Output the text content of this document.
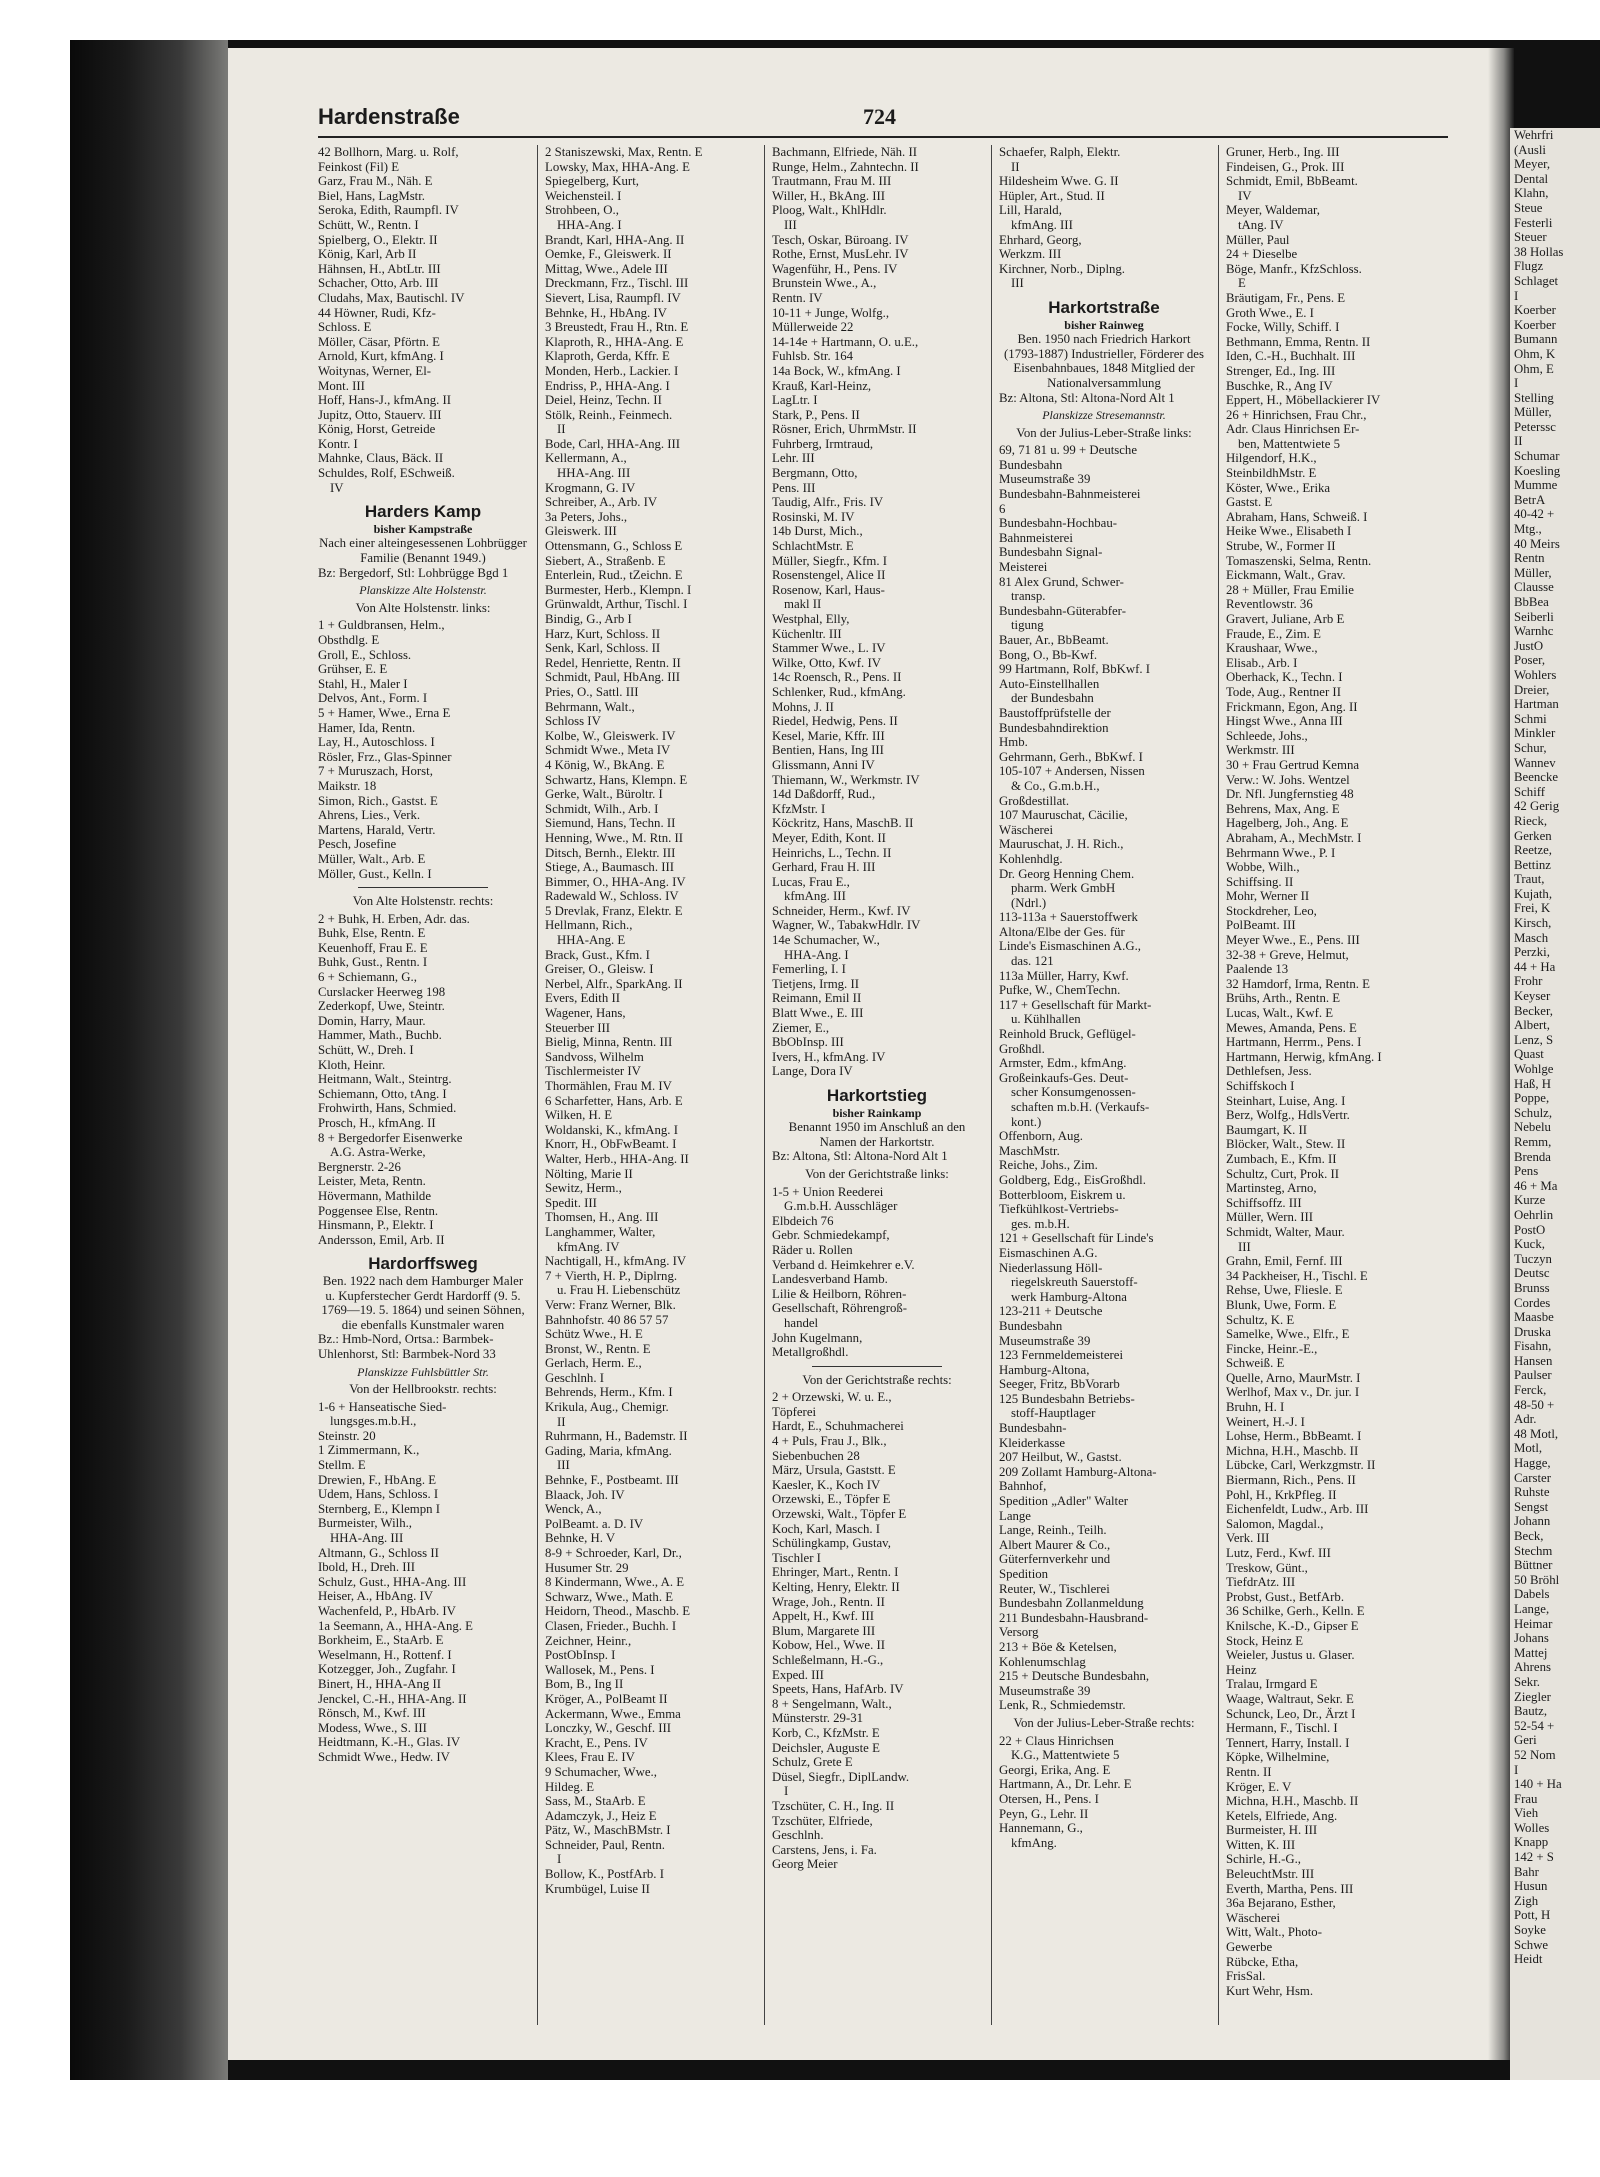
Wehrfri
(Ausli
Meyer,
Dental
Klahn,
Steue
Festerli
Steuer
38 Hollas
Flugz
Schlaget
I
Koerber
Koerber
Bumann
Ohm, K
Ohm, E
I
Stelling
Müller,
Peterssc
II
Schumar
Koesling
Mumme
BetrA
40-42 +
Mtg.,
40 Meirs
Rentn
Müller,
Clausse
BbBea
Seiberli
Warnhc
JustO
Poser,
Wohlers
Dreier,
Hartman
Schmi
Minkler
Schur,
Wannev
Beencke
Schiff
42 Gerig
Rieck,
Gerken
Reetze,
Bettinz
Traut,
Kujath,
Frei, K
Kirsch,
Masch
Perzki,
44 + Ha
Frohr
Keyser
Becker,
Albert,
Lenz, S
Quast
Wohlge
Haß, H
Poppe,
Schulz,
Nebelu
Remm,
Brenda
Pens
46 + Ma
Kurze
Oehrlin
PostO
Kuck,
Tuczyn
Deutsc
Brunss
Cordes
Maasbe
Druska
Fisahn,
Hansen
Paulser
Ferck,
48-50 +
Adr.
48 Motl,
Motl,
Hagge,
Carster
Ruhste
Sengst
Johann
Beck,
Stechm
Büttner
50 Bröhl
Dabels
Lange,
Heimar
Johans
Mattej
Ahrens
Sekr.
Ziegler
Bautz,
52-54 +
Geri
52 Nom
I
140 + Ha
Frau
Vieh
Wolles
Knapp
142 + S
Bahr
Husun
Zigh
Pott, H
Soyke
Schwe
Heidt
Hardenstraße	724
42 Bollhorn, Marg. u. Rolf,
Feinkost (Fil) E
Garz, Frau M., Näh. E
Biel, Hans, LagMstr.
Seroka, Edith, Raumpfl. IV
Schütt, W., Rentn. I
Spielberg, O., Elektr. II
König, Karl, Arb II
Hähnsen, H., AbtLtr. III
Schacher, Otto, Arb. III
Cludahs, Max, Bautischl. IV
44 Höwner, Rudi, Kfz-
Schloss. E
Möller, Cäsar, Pförtn. E
Arnold, Kurt, kfmAng. I
Woitynas, Werner, El-
Mont. III
Hoff, Hans-J., kfmAng. II
Jupitz, Otto, Stauerv. III
König, Horst, Getreide
Kontr. I
Mahnke, Claus, Bäck. II
Schuldes, Rolf, ESchweiß.
IV
Harders Kamp
bisher Kampstraße
Nach einer alteingesessenen Lohbrügger Familie (Benannt 1949.)
Bz: Bergedorf, Stl: Lohbrügge Bgd 1
Planskizze Alte Holstenstr.
Von Alte Holstenstr. links:
1 + Guldbransen, Helm.,
Obsthdlg. E
Groll, E., Schloss.
Grühser, E. E
Stahl, H., Maler I
Delvos, Ant., Form. I
5 + Hamer, Wwe., Erna E
Hamer, Ida, Rentn.
Lay, H., Autoschloss. I
Rösler, Frz., Glas-Spinner
7 + Muruszach, Horst,
Maikstr. 18
Simon, Rich., Gastst. E
Ahrens, Lies., Verk.
Martens, Harald, Vertr.
Pesch, Josefine
Müller, Walt., Arb. E
Möller, Gust., Kelln. I
Von Alte Holstenstr. rechts:
2 + Buhk, H. Erben, Adr. das.
Buhk, Else, Rentn. E
Keuenhoff, Frau E. E
Buhk, Gust., Rentn. I
6 + Schiemann, G.,
Curslacker Heerweg 198
Zederkopf, Uwe, Steintr.
Domin, Harry, Maur.
Hammer, Math., Buchb.
Schütt, W., Dreh. I
Kloth, Heinr.
Heitmann, Walt., Steintrg.
Schiemann, Otto, tAng. I
Frohwirth, Hans, Schmied.
Prosch, H., kfmAng. II
8 + Bergedorfer Eisenwerke
A.G. Astra-Werke,
Bergnerstr. 2-26
Leister, Meta, Rentn.
Hövermann, Mathilde
Poggensee Else, Rentn.
Hinsmann, P., Elektr. I
Andersson, Emil, Arb. II
Hardorffsweg
Ben. 1922 nach dem Hamburger Maler u. Kupferstecher Gerdt Hardorff (9. 5. 1769—19. 5. 1864) und seinen Söhnen, die ebenfalls Kunstmaler waren
Bz.: Hmb-Nord, Ortsa.: Barmbek-Uhlenhorst, Stl: Barmbek-Nord 33
Planskizze Fuhlsbüttler Str.
Von der Hellbrookstr. rechts:
1-6 + Hanseatische Sied-
lungsges.m.b.H.,
Steinstr. 20
1 Zimmermann, K.,
Stellm. E
Drewien, F., HbAng. E
Udem, Hans, Schloss. I
Sternberg, E., Klempn I
Burmeister, Wilh.,
HHA-Ang. III
Altmann, G., Schloss II
Ibold, H., Dreh. III
Schulz, Gust., HHA-Ang. III
Heiser, A., HbAng. IV
Wachenfeld, P., HbArb. IV
1a Seemann, A., HHA-Ang. E
Borkheim, E., StaArb. E
Weselmann, H., Rottenf. I
Kotzegger, Joh., Zugfahr. I
Binert, H., HHA-Ang II
Jenckel, C.-H., HHA-Ang. II
Rönsch, M., Kwf. III
Modess, Wwe., S. III
Heidtmann, K.-H., Glas. IV
Schmidt Wwe., Hedw. IV
2 Staniszewski, Max, Rentn. E
Lowsky, Max, HHA-Ang. E
Spiegelberg, Kurt,
Weichensteil. I
Strohbeen, O.,
HHA-Ang. I
Brandt, Karl, HHA-Ang. II
Oemke, F., Gleiswerk. II
Mittag, Wwe., Adele III
Dreckmann, Frz., Tischl. III
Sievert, Lisa, Raumpfl. IV
Behnke, H., HbAng. IV
3 Breustedt, Frau H., Rtn. E
Klaproth, R., HHA-Ang. E
Klaproth, Gerda, Kffr. E
Monden, Herb., Lackier. I
Endriss, P., HHA-Ang. I
Deiel, Heinz, Techn. II
Stölk, Reinh., Feinmech.
II
Bode, Carl, HHA-Ang. III
Kellermann, A.,
HHA-Ang. III
Krogmann, G. IV
Schreiber, A., Arb. IV
3a Peters, Johs.,
Gleiswerk. III
Ottensmann, G., Schloss E
Siebert, A., Straßenb. E
Enterlein, Rud., tZeichn. E
Burmester, Herb., Klempn. I
Grünwaldt, Arthur, Tischl. I
Bindig, G., Arb I
Harz, Kurt, Schloss. II
Senk, Karl, Schloss. II
Redel, Henriette, Rentn. II
Schmidt, Paul, HbAng. III
Pries, O., Sattl. III
Behrmann, Walt.,
Schloss IV
Kolbe, W., Gleiswerk. IV
Schmidt Wwe., Meta IV
4 König, W., BkAng. E
Schwartz, Hans, Klempn. E
Gerke, Walt., Büroltr. I
Schmidt, Wilh., Arb. I
Siemund, Hans, Techn. II
Henning, Wwe., M. Rtn. II
Ditsch, Bernh., Elektr. III
Stiege, A., Baumasch. III
Bimmer, O., HHA-Ang. IV
Radewald W., Schloss. IV
5 Drevlak, Franz, Elektr. E
Hellmann, Rich.,
HHA-Ang. E
Brack, Gust., Kfm. I
Greiser, O., Gleisw. I
Nerbel, Alfr., SparkAng. II
Evers, Edith II
Wagener, Hans,
Steuerber III
Bielig, Minna, Rentn. III
Sandvoss, Wilhelm
Tischlermeister IV
Thormählen, Frau M. IV
6 Scharfetter, Hans, Arb. E
Wilken, H. E
Woldanski, K., kfmAng. I
Knorr, H., ObFwBeamt. I
Walter, Herb., HHA-Ang. II
Nölting, Marie II
Sewitz, Herm.,
Spedit. III
Thomsen, H., Ang. III
Langhammer, Walter,
kfmAng. IV
Nachtigall, H., kfmAng. IV
7 + Vierth, H. P., Diplrng.
u. Frau H. Liebenschütz
Verw: Franz Werner, Blk.
Bahnhofstr. 40 86 57 57
Schütz Wwe., H. E
Bronst, W., Rentn. E
Gerlach, Herm. E.,
Geschlnh. I
Behrends, Herm., Kfm. I
Krikula, Aug., Chemigr.
II
Ruhrmann, H., Bademstr. II
Gading, Maria, kfmAng.
III
Behnke, F., Postbeamt. III
Blaack, Joh. IV
Wenck, A.,
PolBeamt. a. D. IV
Behnke, H. V
8-9 + Schroeder, Karl, Dr.,
Husumer Str. 29
8 Kindermann, Wwe., A. E
Schwarz, Wwe., Math. E
Heidorn, Theod., Maschb. E
Clasen, Frieder., Buchh. I
Zeichner, Heinr.,
PostObInsp. I
Wallosek, M., Pens. I
Bom, B., Ing II
Kröger, A., PolBeamt II
Ackermann, Wwe., Emma
Lonczky, W., Geschf. III
Kracht, E., Pens. IV
Klees, Frau E. IV
9 Schumacher, Wwe.,
Hildeg. E
Sass, M., StaArb. E
Adamczyk, J., Heiz E
Pätz, W., MaschBMstr. I
Schneider, Paul, Rentn.
I
Bollow, K., PostfArb. I
Krumbügel, Luise II
Bachmann, Elfriede, Näh. II
Runge, Helm., Zahntechn. II
Trautmann, Frau M. III
Willer, H., BkAng. III
Ploog, Walt., KhlHdlr.
III
Tesch, Oskar, Büroang. IV
Rothe, Ernst, MusLehr. IV
Wagenführ, H., Pens. IV
Brunstein Wwe., A.,
Rentn. IV
10-11 + Junge, Wolfg.,
Müllerweide 22
14-14e + Hartmann, O. u.E.,
Fuhlsb. Str. 164
14a Bock, W., kfmAng. I
Krauß, Karl-Heinz,
LagLtr. I
Stark, P., Pens. II
Rösner, Erich, UhrmMstr. II
Fuhrberg, Irmtraud,
Lehr. III
Bergmann, Otto,
Pens. III
Taudig, Alfr., Fris. IV
Rosinski, M. IV
14b Durst, Mich.,
SchlachtMstr. E
Müller, Siegfr., Kfm. I
Rosenstengel, Alice II
Rosenow, Karl, Haus-
makl II
Westphal, Elly,
Küchenltr. III
Stammer Wwe., L. IV
Wilke, Otto, Kwf. IV
14c Roensch, R., Pens. II
Schlenker, Rud., kfmAng.
Mohns, J. II
Riedel, Hedwig, Pens. II
Kesel, Marie, Kffr. III
Bentien, Hans, Ing III
Glissmann, Anni IV
Thiemann, W., Werkmstr. IV
14d Daßdorff, Rud.,
KfzMstr. I
Köckritz, Hans, MaschB. II
Meyer, Edith, Kont. II
Heinrichs, L., Techn. II
Gerhard, Frau H. III
Lucas, Frau E.,
kfmAng. III
Schneider, Herm., Kwf. IV
Wagner, W., TabakwHdlr. IV
14e Schumacher, W.,
HHA-Ang. I
Femerling, I. I
Tietjens, Irmg. II
Reimann, Emil II
Blatt Wwe., E. III
Ziemer, E.,
BbObInsp. III
Ivers, H., kfmAng. IV
Lange, Dora IV
Harkortstieg
bisher Rainkamp
Benannt 1950 im Anschluß an den Namen der Harkortstr.
Bz: Altona, Stl: Altona-Nord Alt 1
Von der Gerichtstraße links:
1-5 + Union Reederei
G.m.b.H. Ausschläger
Elbdeich 76
Gebr. Schmiedekampf,
Räder u. Rollen
Verband d. Heimkehrer e.V.
Landesverband Hamb.
Lilie & Heilborn, Röhren-
Gesellschaft, Röhrengroß-
handel
John Kugelmann,
Metallgroßhdl.
Von der Gerichtstraße rechts:
2 + Orzewski, W. u. E.,
Töpferei
Hardt, E., Schuhmacherei
4 + Puls, Frau J., Blk.,
Siebenbuchen 28
März, Ursula, Gaststt. E
Kaesler, K., Koch IV
Orzewski, E., Töpfer E
Orzewski, Walt., Töpfer E
Koch, Karl, Masch. I
Schülingkamp, Gustav,
Tischler I
Ehringer, Mart., Rentn. I
Kelting, Henry, Elektr. II
Wrage, Joh., Rentn. II
Appelt, H., Kwf. III
Blum, Margarete III
Kobow, Hel., Wwe. II
Schleßelmann, H.-G.,
Exped. III
Speets, Hans, HafArb. IV
8 + Sengelmann, Walt.,
Münsterstr. 29-31
Korb, C., KfzMstr. E
Deichsler, Auguste E
Schulz, Grete E
Düsel, Siegfr., DiplLandw.
I
Tzschüter, C. H., Ing. II
Tzschüter, Elfriede,
Geschlnh.
Carstens, Jens, i. Fa.
Georg Meier
Schaefer, Ralph, Elektr.
II
Hildesheim Wwe. G. II
Hüpler, Art., Stud. II
Lill, Harald,
kfmAng. III
Ehrhard, Georg,
Werkzm. III
Kirchner, Norb., Diplng.
III
Harkortstraße
bisher Rainweg
Ben. 1950 nach Friedrich Harkort (1793-1887) Industrieller, Förderer des Eisenbahnbaues, 1848 Mitglied der Nationalversammlung
Bz: Altona, Stl: Altona-Nord Alt 1
Planskizze Stresemannstr.
Von der Julius-Leber-Straße links:
69, 71 81 u. 99 + Deutsche
Bundesbahn
Museumstraße 39
Bundesbahn-Bahnmeisterei
6
Bundesbahn-Hochbau-
Bahnmeisterei
Bundesbahn Signal-
Meisterei
81 Alex Grund, Schwer-
transp.
Bundesbahn-Güterabfer-
tigung
Bauer, Ar., BbBeamt.
Bong, O., Bb-Kwf.
99 Hartmann, Rolf, BbKwf. I
Auto-Einstellhallen
der Bundesbahn
Baustoffprüfstelle der
Bundesbahndirektion
Hmb.
Gehrmann, Gerh., BbKwf. I
105-107 + Andersen, Nissen
& Co., G.m.b.H.,
Großdestillat.
107 Mauruschat, Cäcilie,
Wäscherei
Mauruschat, J. H. Rich.,
Kohlenhdlg.
Dr. Georg Henning Chem.
pharm. Werk GmbH
(Ndrl.)
113-113a + Sauerstoffwerk
Altona/Elbe der Ges. für
Linde's Eismaschinen A.G.,
das. 121
113a Müller, Harry, Kwf.
Pufke, W., ChemTechn.
117 + Gesellschaft für Markt-
u. Kühlhallen
Reinhold Bruck, Geflügel-
Großhdl.
Armster, Edm., kfmAng.
Großeinkaufs-Ges. Deut-
scher Konsumgenossen-
schaften m.b.H. (Verkaufs-
kont.)
Offenborn, Aug.
MaschMstr.
Reiche, Johs., Zim.
Goldberg, Edg., EisGroßhdl.
Botterbloom, Eiskrem u.
Tiefkühlkost-Vertriebs-
ges. m.b.H.
121 + Gesellschaft für Linde's
Eismaschinen A.G.
Niederlassung Höll-
riegelskreuth Sauerstoff-
werk Hamburg-Altona
123-211 + Deutsche
Bundesbahn
Museumstraße 39
123 Fernmeldemeisterei
Hamburg-Altona,
Seeger, Fritz, BbVorarb
125 Bundesbahn Betriebs-
stoff-Hauptlager
Bundesbahn-
Kleiderkasse
207 Heilbut, W., Gastst.
209 Zollamt Hamburg-Altona-
Bahnhof,
Spedition „Adler" Walter
Lange
Lange, Reinh., Teilh.
Albert Maurer & Co.,
Güterfernverkehr und
Spedition
Reuter, W., Tischlerei
Bundesbahn Zollanmeldung
211 Bundesbahn-Hausbrand-
Versorg
213 + Böe & Ketelsen,
Kohlenumschlag
215 + Deutsche Bundesbahn,
Museumstraße 39
Lenk, R., Schmiedemstr.
Von der Julius-Leber-Straße rechts:
22 + Claus Hinrichsen
K.G., Mattentwiete 5
Georgi, Erika, Ang. E
Hartmann, A., Dr. Lehr. E
Otersen, H., Pens. I
Peyn, G., Lehr. II
Hannemann, G.,
kfmAng.
Gruner, Herb., Ing. III
Findeisen, G., Prok. III
Schmidt, Emil, BbBeamt.
IV
Meyer, Waldemar,
tAng. IV
Müller, Paul
24 + Dieselbe
Böge, Manfr., KfzSchloss.
E
Bräutigam, Fr., Pens. E
Groth Wwe., E. I
Focke, Willy, Schiff. I
Bethmann, Emma, Rentn. II
Iden, C.-H., Buchhalt. III
Strenger, Ed., Ing. III
Buschke, R., Ang IV
Eppert, H., Möbellackierer IV
26 + Hinrichsen, Frau Chr.,
Adr. Claus Hinrichsen Er-
ben, Mattentwiete 5
Hilgendorf, H.K.,
SteinbildhMstr. E
Köster, Wwe., Erika
Gastst. E
Abraham, Hans, Schweiß. I
Heike Wwe., Elisabeth I
Strube, W., Former II
Tomaszenski, Selma, Rentn.
Eickmann, Walt., Grav.
28 + Müller, Frau Emilie
Reventlowstr. 36
Gravert, Juliane, Arb E
Fraude, E., Zim. E
Kraushaar, Wwe.,
Elisab., Arb. I
Oberhack, K., Techn. I
Tode, Aug., Rentner II
Frickmann, Egon, Ang. II
Hingst Wwe., Anna III
Schleede, Johs.,
Werkmstr. III
30 + Frau Gertrud Kemna
Verw.: W. Johs. Wentzel
Dr. Nfl. Jungfernstieg 48
Behrens, Max, Ang. E
Hagelberg, Joh., Ang. E
Abraham, A., MechMstr. I
Behrmann Wwe., P. I
Wobbe, Wilh.,
Schiffsing. II
Mohr, Werner II
Stockdreher, Leo,
PolBeamt. III
Meyer Wwe., E., Pens. III
32-38 + Greve, Helmut,
Paalende 13
32 Hamdorf, Irma, Rentn. E
Brühs, Arth., Rentn. E
Lucas, Walt., Kwf. E
Mewes, Amanda, Pens. E
Hartmann, Herrm., Pens. I
Hartmann, Herwig, kfmAng. I
Dethlefsen, Jess.
Schiffskoch I
Steinhart, Luise, Ang. I
Berz, Wolfg., HdlsVertr.
Baumgart, K. II
Blöcker, Walt., Stew. II
Zumbach, E., Kfm. II
Schultz, Curt, Prok. II
Martinsteg, Arno,
Schiffsoffz. III
Müller, Wern. III
Schmidt, Walter, Maur.
III
Grahn, Emil, Fernf. III
34 Packheiser, H., Tischl. E
Rehse, Uwe, Fliesle. E
Blunk, Uwe, Form. E
Schultz, K. E
Samelke, Wwe., Elfr., E
Fincke, Heinr.-E.,
Schweiß. E
Quelle, Arno, MaurMstr. I
Werlhof, Max v., Dr. jur. I
Bruhn, H. I
Weinert, H.-J. I
Lohse, Herm., BbBeamt. I
Michna, H.H., Maschb. II
Lübcke, Carl, Werkzgmstr. II
Biermann, Rich., Pens. II
Pohl, H., KrkPfleg. II
Eichenfeldt, Ludw., Arb. III
Salomon, Magdal.,
Verk. III
Lutz, Ferd., Kwf. III
Treskow, Günt.,
TiefdrAtz. III
Probst, Gust., BetfArb.
36 Schilke, Gerh., Kelln. E
Knilsche, K.-D., Gipser E
Stock, Heinz E
Weieler, Justus u. Glaser.
Heinz
Tralau, Irmgard E
Waage, Waltraut, Sekr. E
Schunck, Leo, Dr., Ärzt I
Hermann, F., Tischl. I
Tennert, Harry, Install. I
Köpke, Wilhelmine,
Rentn. II
Kröger, E. V
Michna, H.H., Maschb. II
Ketels, Elfriede, Ang.
Burmeister, H. III
Witten, K. III
Schirle, H.-G.,
BeleuchtMstr. III
Everth, Martha, Pens. III
36a Bejarano, Esther,
Wäscherei
Witt, Walt., Photo-
Gewerbe
Rübcke, Etha,
FrisSal.
Kurt Wehr, Hsm.
